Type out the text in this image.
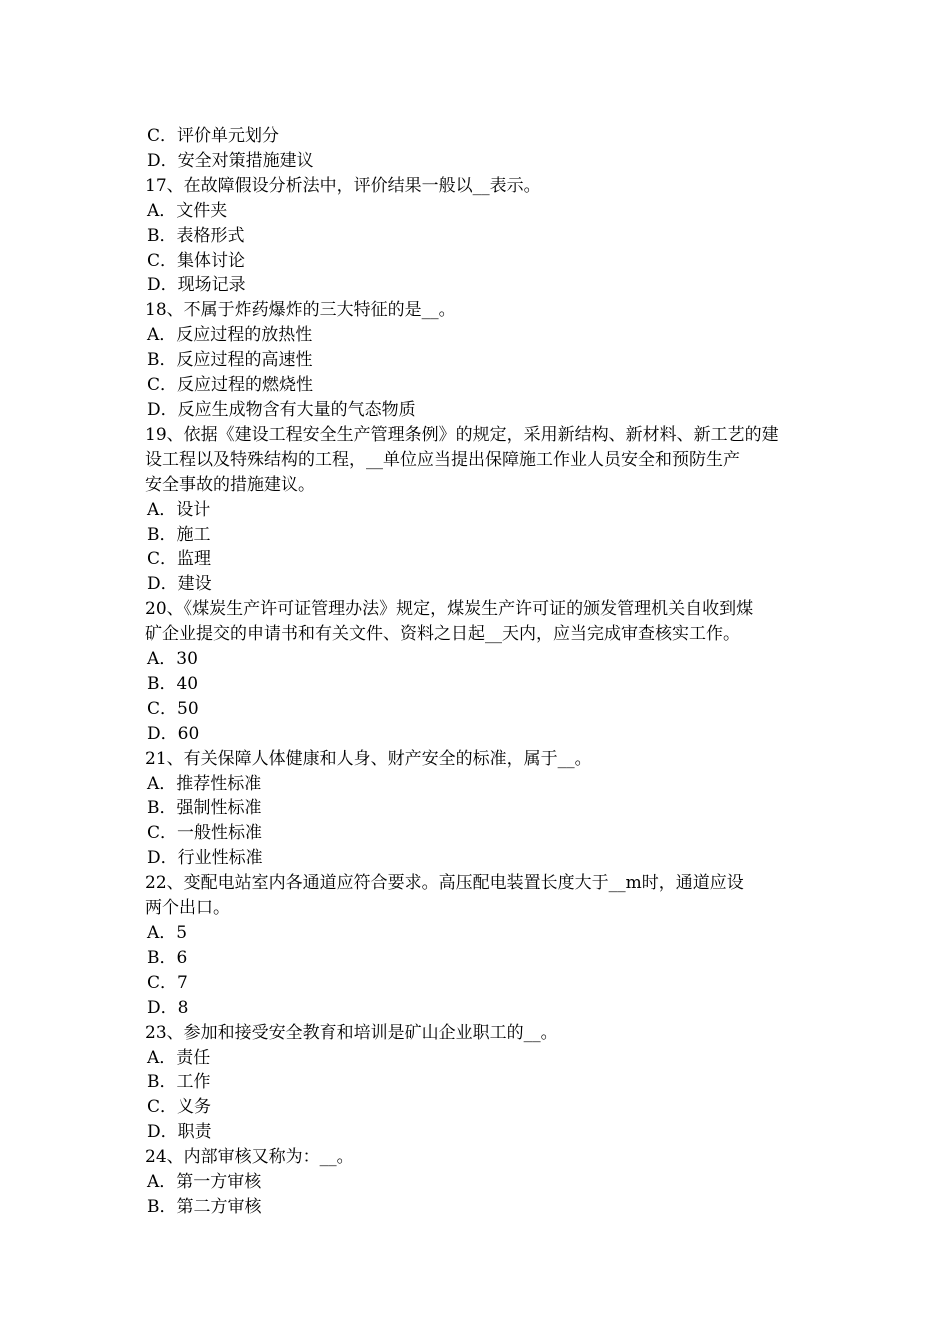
C．评价单元划分
D．安全对策措施建议
17、在故障假设分析法中，评价结果一般以__表示。
A．文件夹
B．表格形式
C．集体讨论
D．现场记录
18、不属于炸药爆炸的三大特征的是__。
A．反应过程的放热性
B．反应过程的高速性
C．反应过程的燃烧性
D．反应生成物含有大量的气态物质
19、依据《建设工程安全生产管理条例》的规定，采用新结构、新材料、新工艺的建
设工程以及特殊结构的工程，__单位应当提出保障施工作业人员安全和预防生产
安全事故的措施建议。
A．设计
B．施工
C．监理
D．建设
20、《煤炭生产许可证管理办法》规定，煤炭生产许可证的颁发管理机关自收到煤
矿企业提交的申请书和有关文件、资料之日起__天内，应当完成审查核实工作。
A．30
B．40
C．50
D．60
21、有关保障人体健康和人身、财产安全的标准，属于__。
A．推荐性标准
B．强制性标准
C．一般性标准
D．行业性标准
22、变配电站室内各通道应符合要求。高压配电装置长度大于__m时，通道应设
两个出口。
A．5
B．6
C．7
D．8
23、参加和接受安全教育和培训是矿山企业职工的__。
A．责任
B．工作
C．义务
D．职责
24、内部审核又称为：__。
A．第一方审核
B．第二方审核
